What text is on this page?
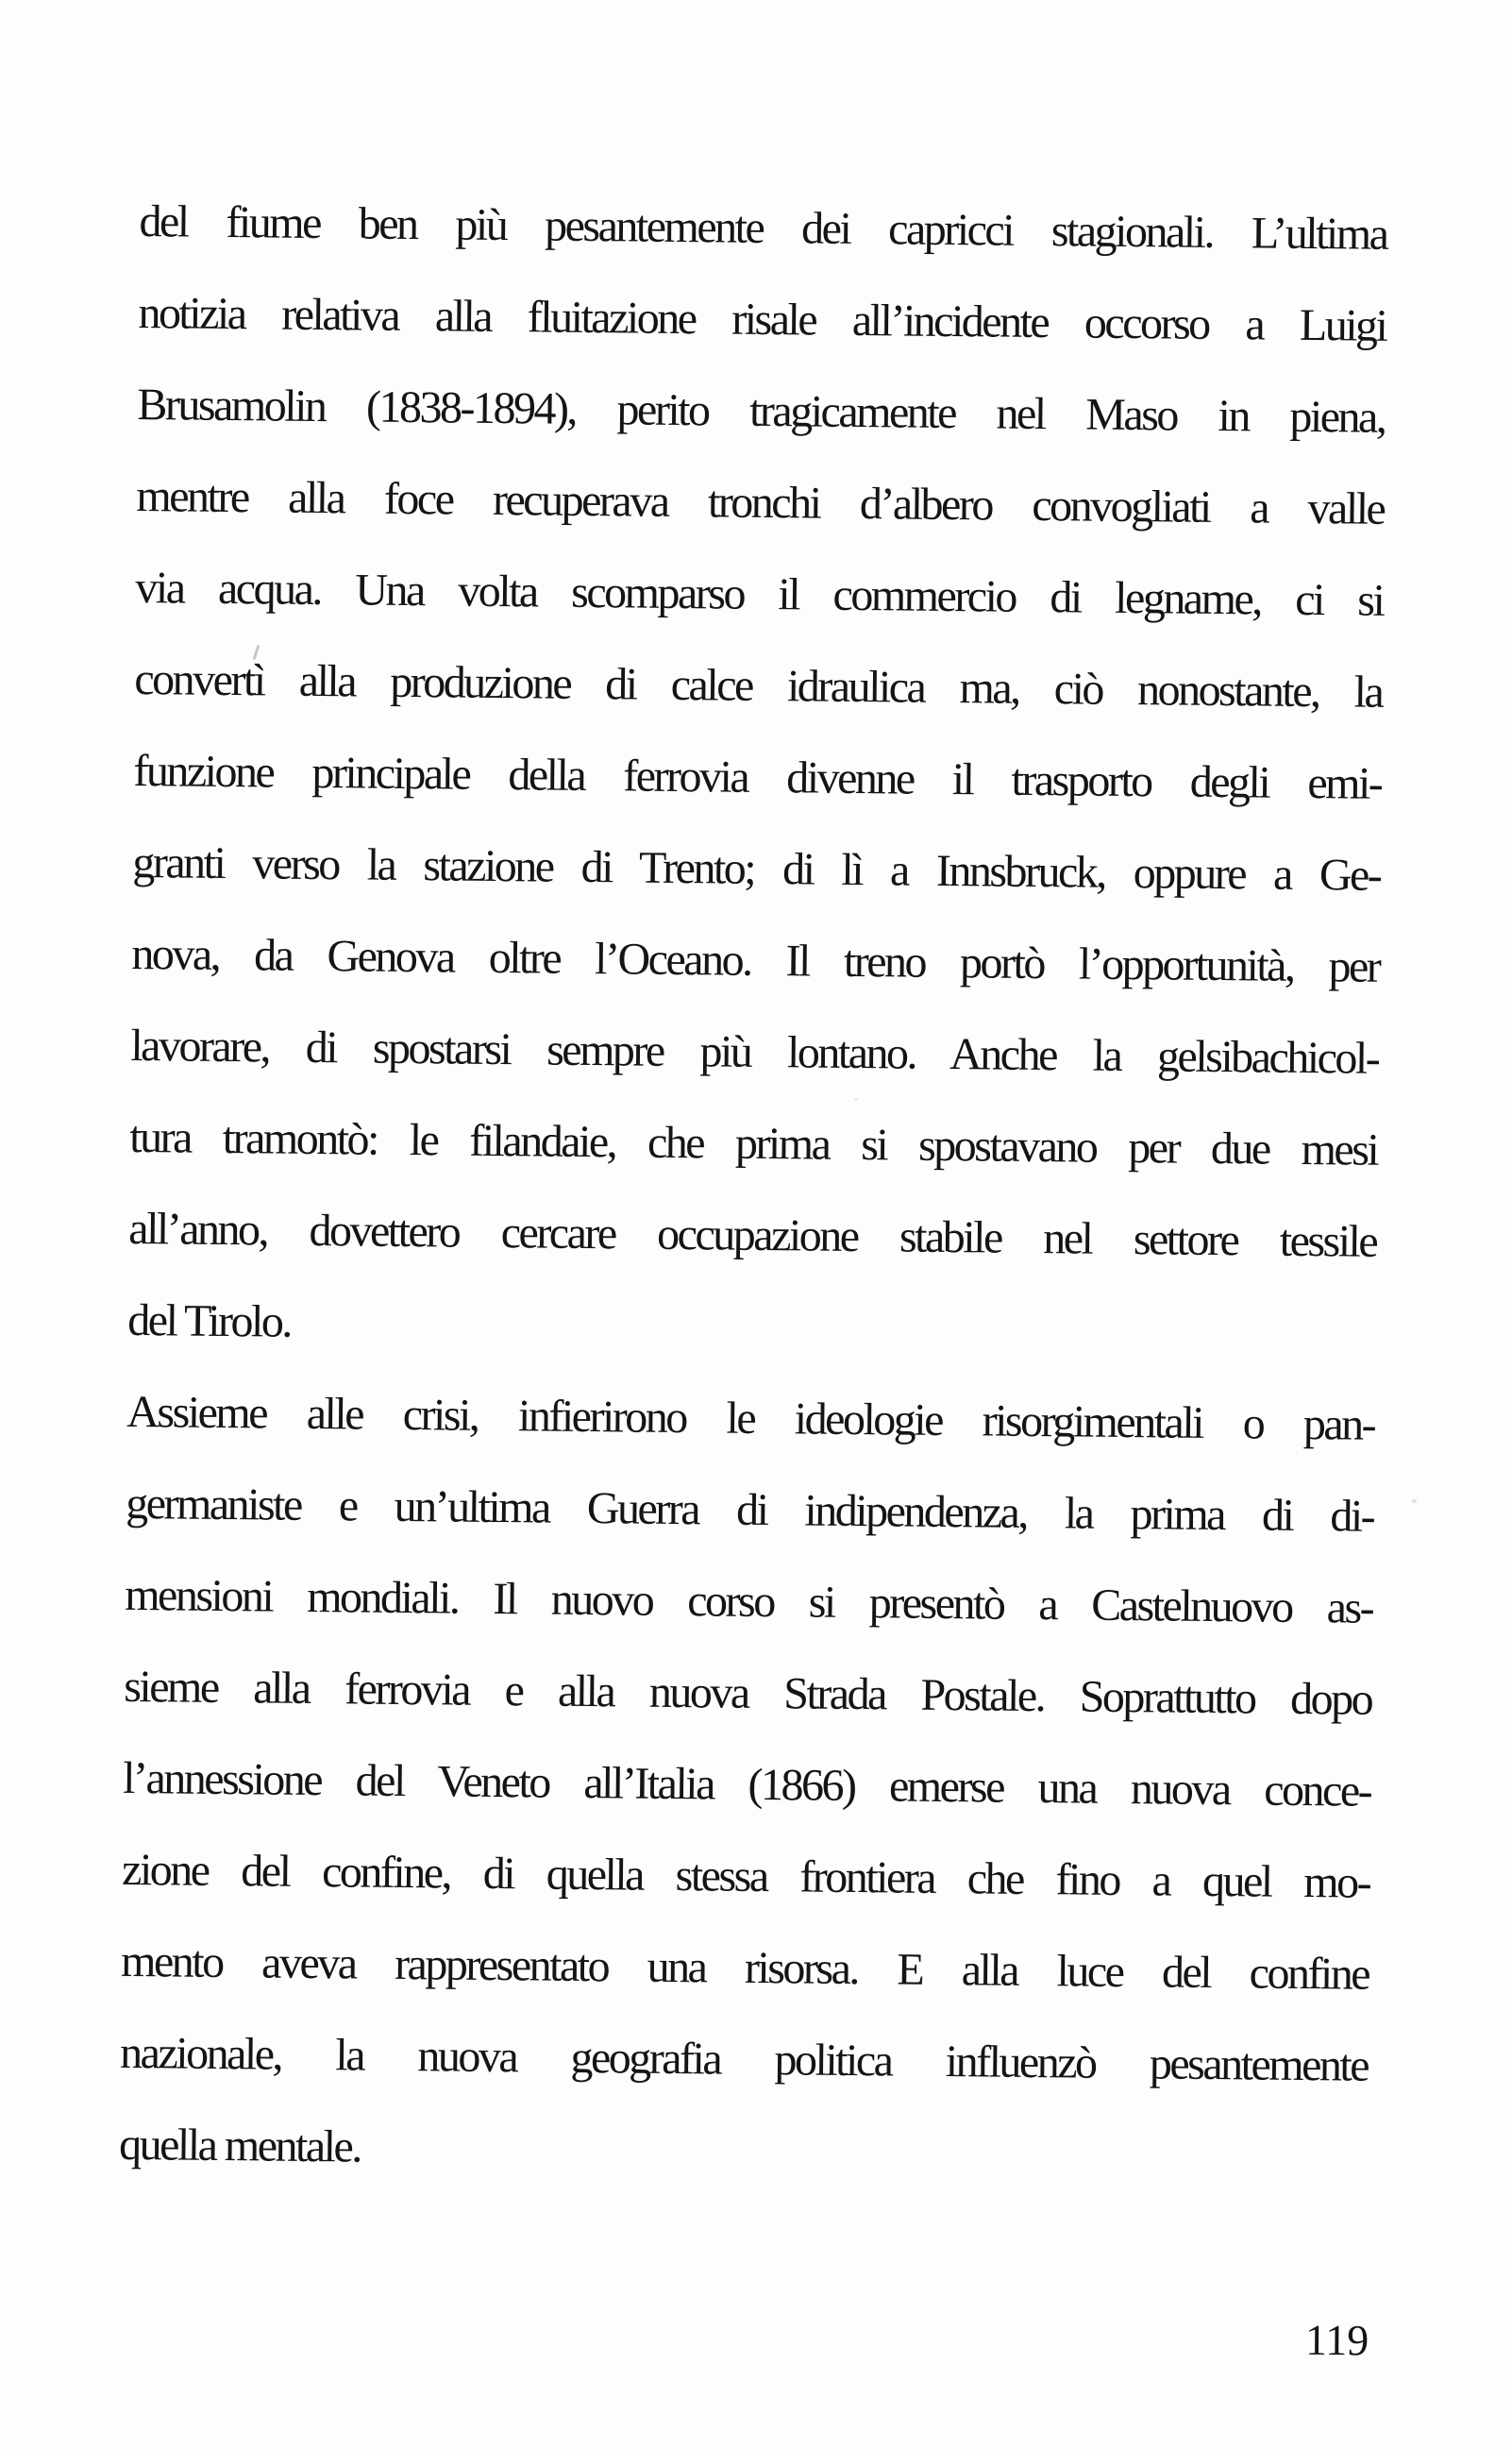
del fiume ben più pesantemente dei capricci stagionali. L’ultima
notizia relativa alla fluitazione risale all’incidente occorso a Luigi
Brusamolin (1838-1894), perito tragicamente nel Maso in piena,
mentre alla foce recuperava tronchi d’albero convogliati a valle
via acqua. Una volta scomparso il commercio di legname, ci si
convertì alla produzione di calce idraulica ma, ciò nonostante, la
funzione principale della ferrovia divenne il trasporto degli emi-
granti verso la stazione di Trento; di lì a Innsbruck, oppure a Ge-
nova, da Genova oltre l’Oceano. Il treno portò l’opportunità, per
lavorare, di spostarsi sempre più lontano. Anche la gelsibachicol-
tura tramontò: le filandaie, che prima si spostavano per due mesi
all’anno, dovettero cercare occupazione stabile nel settore tessile
del Tirolo.
Assieme alle crisi, infierirono le ideologie risorgimentali o pan-
germaniste e un’ultima Guerra di indipendenza, la prima di di-
mensioni mondiali. Il nuovo corso si presentò a Castelnuovo as-
sieme alla ferrovia e alla nuova Strada Postale. Soprattutto dopo
l’annessione del Veneto all’Italia (1866) emerse una nuova conce-
zione del confine, di quella stessa frontiera che fino a quel mo-
mento aveva rappresentato una risorsa. E alla luce del confine
nazionale, la nuova geografia politica influenzò pesantemente
quella mentale.
119
